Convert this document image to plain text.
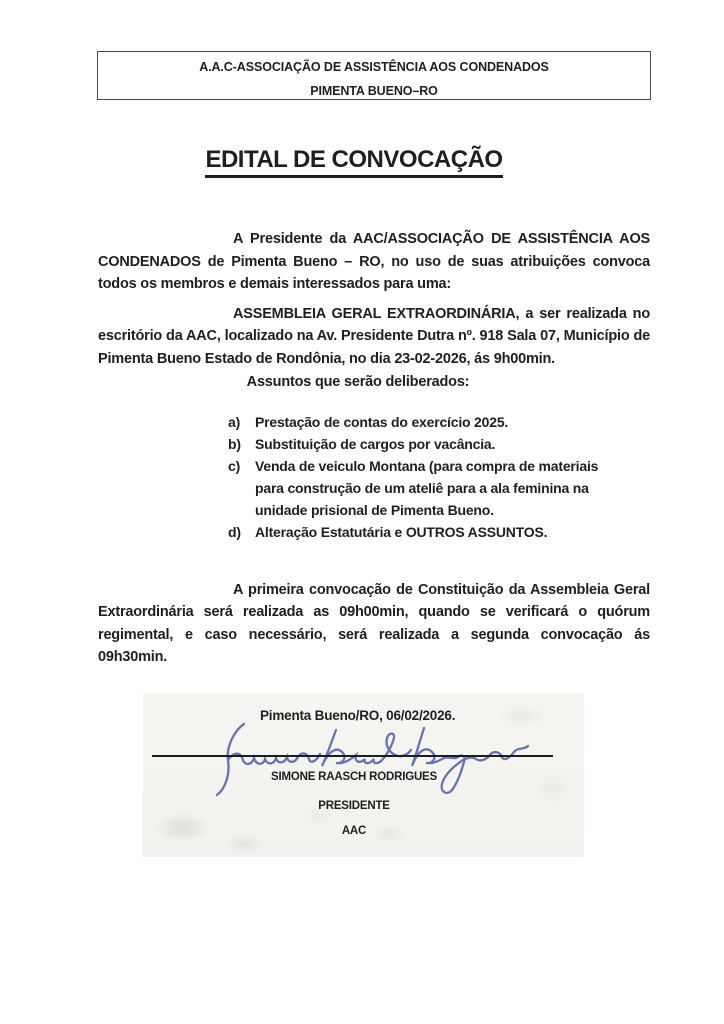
A.A.C-ASSOCIAÇÃO DE ASSISTÊNCIA AOS CONDENADOS
PIMENTA BUENO–RO
EDITAL DE CONVOCAÇÃO

A Presidente da AAC/ASSOCIAÇÃO DE ASSISTÊNCIA AOS CONDENADOS de Pimenta Bueno – RO, no uso de suas atribuições convoca todos os membros e demais interessados para uma:

ASSEMBLEIA GERAL EXTRAORDINÁRIA, a ser realizada no escritório da AAC, localizado na Av. Presidente Dutra nº. 918 Sala 07, Município de Pimenta Bueno Estado de Rondônia, no dia 23-02-2026, ás 9h00min.

Assuntos que serão deliberados:

a)	Prestação de contas do exercício 2025.
b)	Substituição de cargos por vacância.
c)	Venda de veiculo Montana (para compra de materiais para construção de um ateliê para a ala feminina na unidade prisional de Pimenta Bueno.
d)	Alteração Estatutária e OUTROS ASSUNTOS.

A primeira convocação de Constituição da Assembleia Geral Extraordinária será realizada as 09h00min, quando se verificará o quórum regimental, e caso necessário, será realizada a segunda convocação ás 09h30min.

Pimenta Bueno/RO, 06/02/2026.
SIMONE RAASCH RODRIGUES
PRESIDENTE
AAC
